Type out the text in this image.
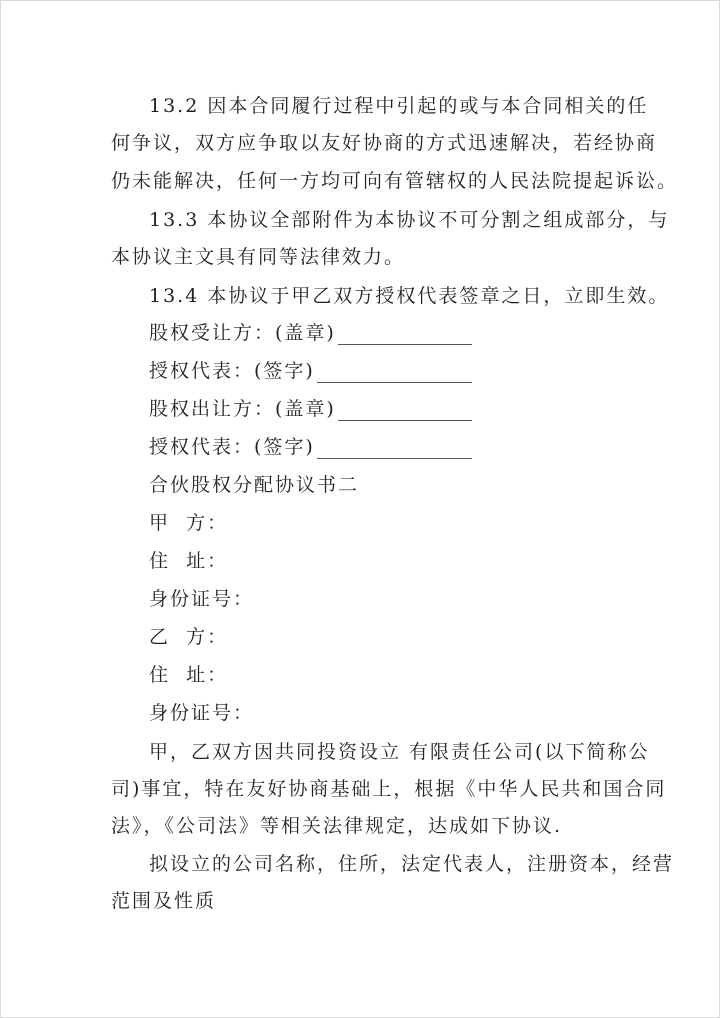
13.2 因本合同履行过程中引起的或与本合同相关的任
何争议，双方应争取以友好协商的方式迅速解决，若经协商
仍未能解决，任何一方均可向有管辖权的人民法院提起诉讼。
13.3 本协议全部附件为本协议不可分割之组成部分，与
本协议主文具有同等法律效力。
13.4 本协议于甲乙双方授权代表签章之日，立即生效。
股权受让方：(盖章)
授权代表：(签字)
股权出让方：(盖章)
授权代表：(签字)
合伙股权分配协议书二
甲  方：
住  址：
身份证号：
乙  方：
住  址：
身份证号：
甲，乙双方因共同投资设立 有限责任公司(以下简称公
司)事宜，特在友好协商基础上，根据《中华人民共和国合同
法》，《公司法》等相关法律规定，达成如下协议.
拟设立的公司名称，住所，法定代表人，注册资本，经营
范围及性质
